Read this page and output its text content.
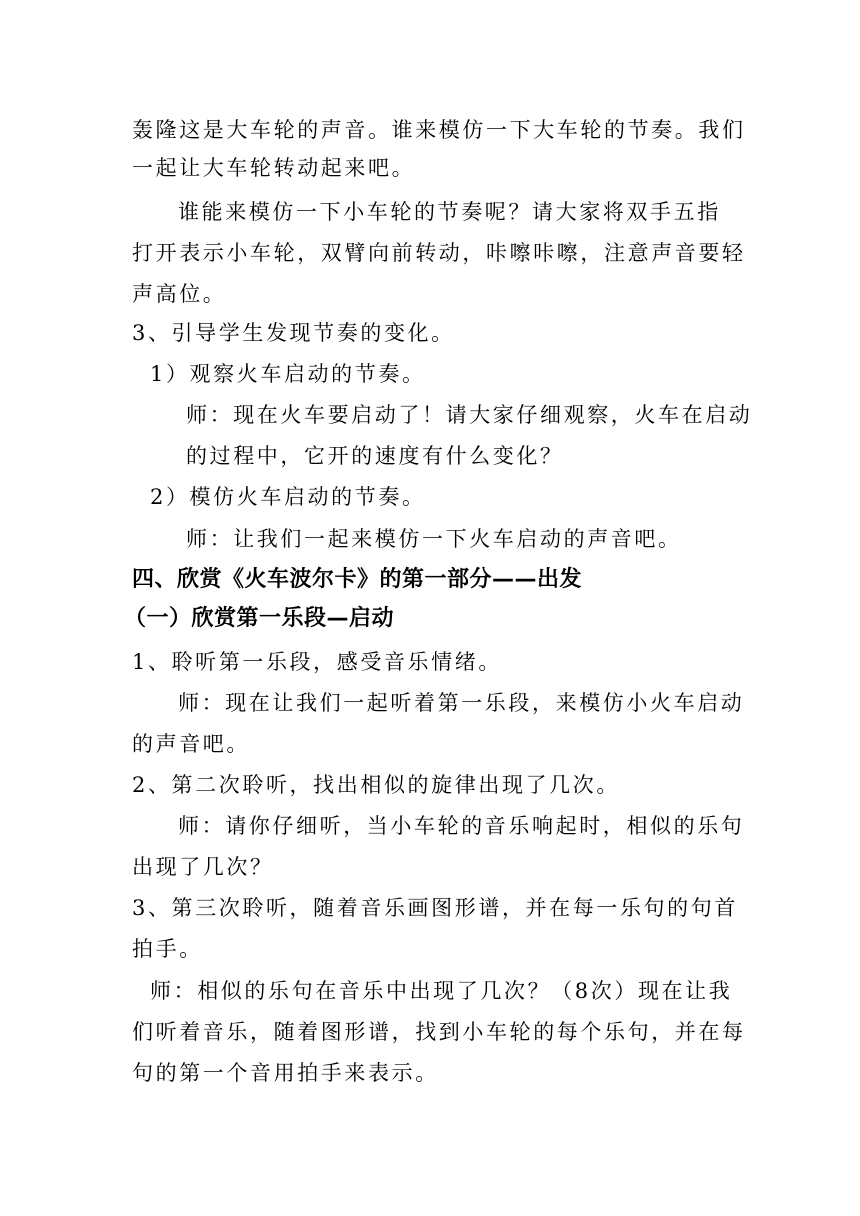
轰隆这是大车轮的声音。谁来模仿一下大车轮的节奏。我们
一起让大车轮转动起来吧。
谁能来模仿一下小车轮的节奏呢？请大家将双手五指
打开表示小车轮，双臂向前转动，咔嚓咔嚓，注意声音要轻
声高位。
3、引导学生发现节奏的变化。
1）观察火车启动的节奏。
师：现在火车要启动了！请大家仔细观察，火车在启动
的过程中，它开的速度有什么变化？
2）模仿火车启动的节奏。
师：让我们一起来模仿一下火车启动的声音吧。
四、欣赏《火车波尔卡》的第一部分——出发
（一）欣赏第一乐段—启动
1、聆听第一乐段，感受音乐情绪。
师：现在让我们一起听着第一乐段，来模仿小火车启动
的声音吧。
2、第二次聆听，找出相似的旋律出现了几次。
师：请你仔细听，当小车轮的音乐响起时，相似的乐句
出现了几次？
3、第三次聆听，随着音乐画图形谱，并在每一乐句的句首
拍手。
师：相似的乐句在音乐中出现了几次？（8次）现在让我
们听着音乐，随着图形谱，找到小车轮的每个乐句，并在每
句的第一个音用拍手来表示。
